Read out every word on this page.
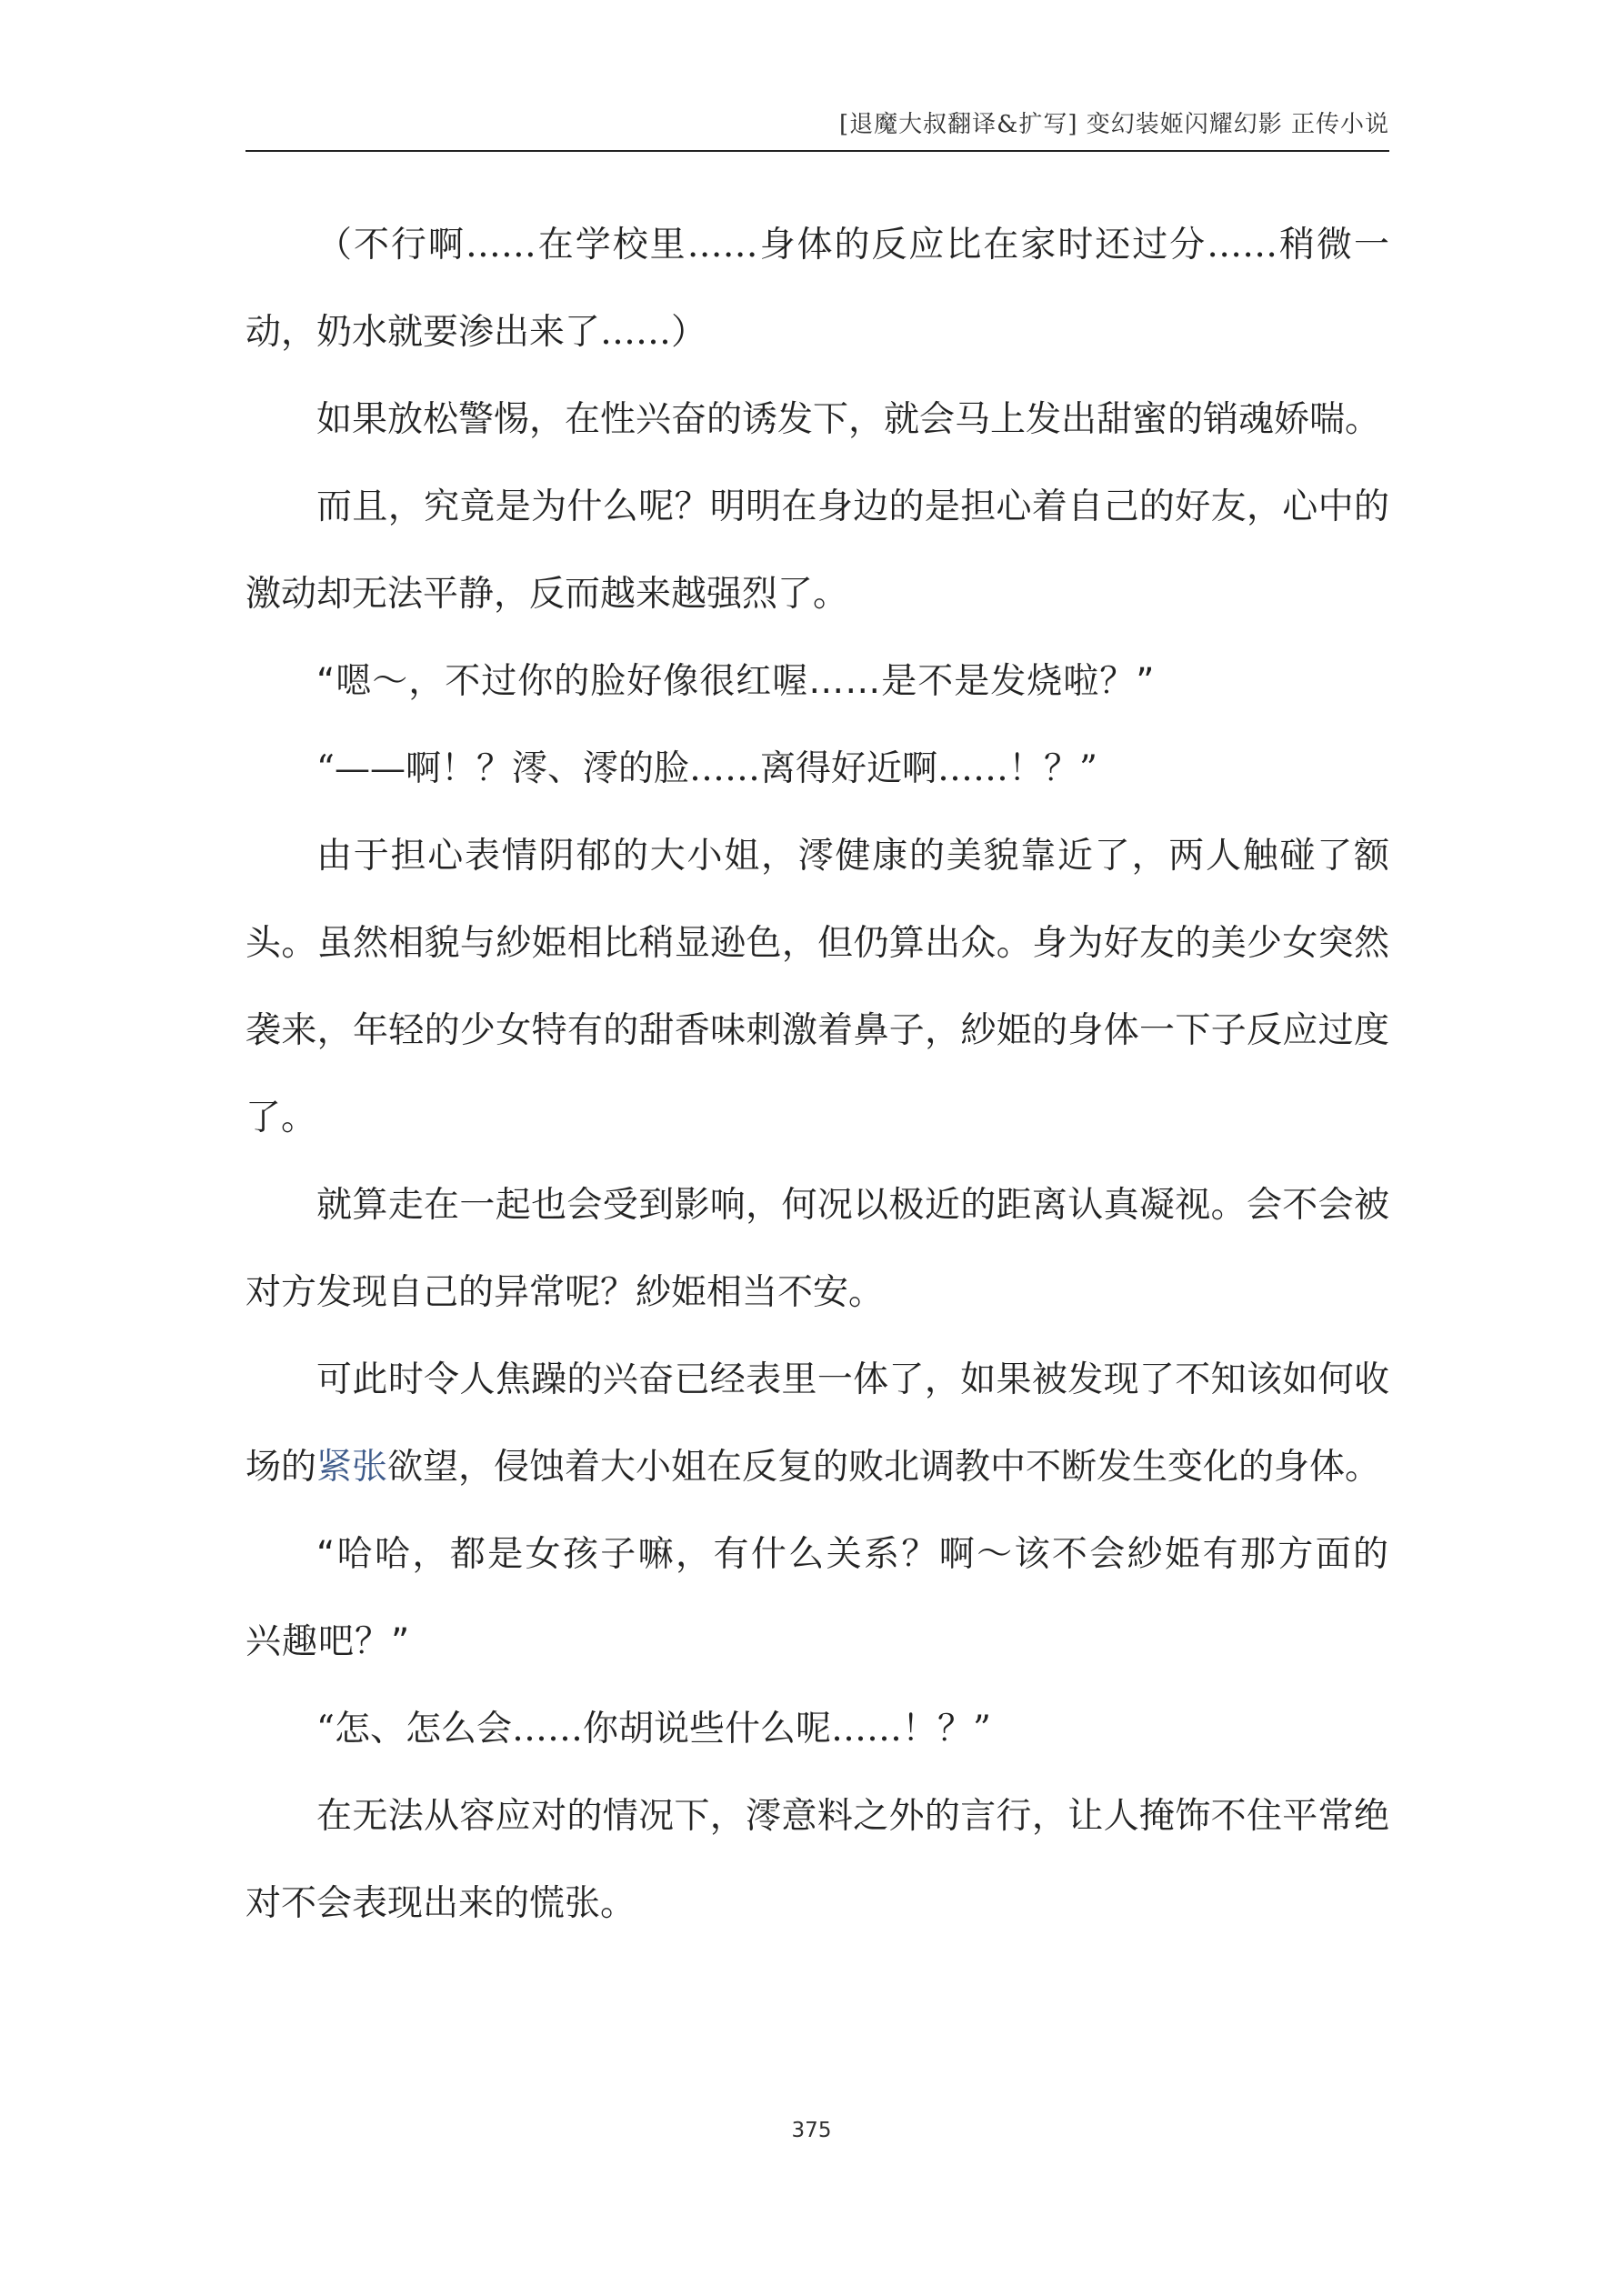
[退魔大叔翻译&扩写] 变幻装姬闪耀幻影 正传小说

（不行啊……在学校里……身体的反应比在家时还过分……稍微一动，奶水就要渗出来了……）

如果放松警惕，在性兴奋的诱发下，就会马上发出甜蜜的销魂娇喘。

而且，究竟是为什么呢？明明在身边的是担心着自己的好友，心中的激动却无法平静，反而越来越强烈了。

“嗯～，不过你的脸好像很红喔……是不是发烧啦？”

“——啊！？澪、澪的脸……离得好近啊……！？”

由于担心表情阴郁的大小姐，澪健康的美貌靠近了，两人触碰了额头。虽然相貌与紗姫相比稍显逊色，但仍算出众。身为好友的美少女突然袭来，年轻的少女特有的甜香味刺激着鼻子，紗姫的身体一下子反应过度了。

就算走在一起也会受到影响，何况以极近的距离认真凝视。会不会被对方发现自己的异常呢？紗姫相当不安。

可此时令人焦躁的兴奋已经表里一体了，如果被发现了不知该如何收场的紧张欲望，侵蚀着大小姐在反复的败北调教中不断发生变化的身体。

“哈哈，都是女孩子嘛，有什么关系？啊～该不会紗姫有那方面的兴趣吧？”

“怎、怎么会……你胡说些什么呢……！？”

在无法从容应对的情况下，澪意料之外的言行，让人掩饰不住平常绝对不会表现出来的慌张。

375
